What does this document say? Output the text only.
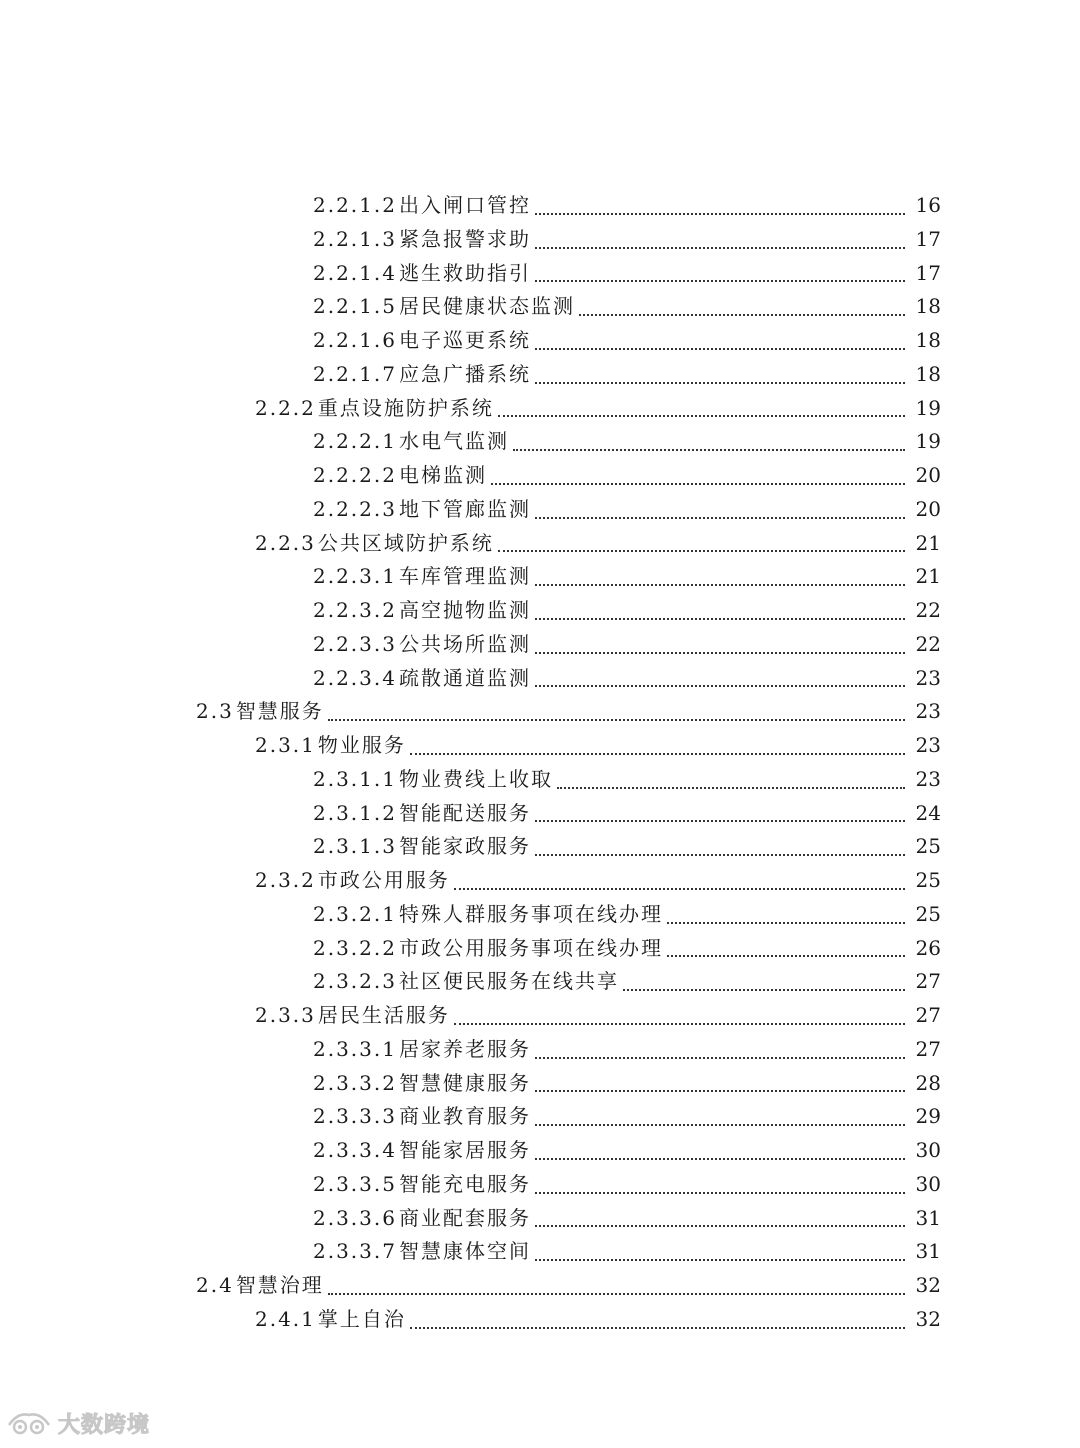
2.2.1.2 出入闸口管控	16
2.2.1.3 紧急报警求助	17
2.2.1.4 逃生救助指引	17
2.2.1.5 居民健康状态监测	18
2.2.1.6 电子巡更系统	18
2.2.1.7 应急广播系统	18
2.2.2 重点设施防护系统	19
2.2.2.1 水电气监测	19
2.2.2.2 电梯监测	20
2.2.2.3 地下管廊监测	20
2.2.3 公共区域防护系统	21
2.2.3.1 车库管理监测	21
2.2.3.2 高空抛物监测	22
2.2.3.3 公共场所监测	22
2.2.3.4 疏散通道监测	23
2.3 智慧服务	23
2.3.1 物业服务	23
2.3.1.1 物业费线上收取	23
2.3.1.2 智能配送服务	24
2.3.1.3 智能家政服务	25
2.3.2 市政公用服务	25
2.3.2.1 特殊人群服务事项在线办理	25
2.3.2.2 市政公用服务事项在线办理	26
2.3.2.3 社区便民服务在线共享	27
2.3.3 居民生活服务	27
2.3.3.1 居家养老服务	27
2.3.3.2 智慧健康服务	28
2.3.3.3 商业教育服务	29
2.3.3.4 智能家居服务	30
2.3.3.5 智能充电服务	30
2.3.3.6 商业配套服务	31
2.3.3.7 智慧康体空间	31
2.4 智慧治理	32
2.4.1 掌上自治	32
大数跨境
